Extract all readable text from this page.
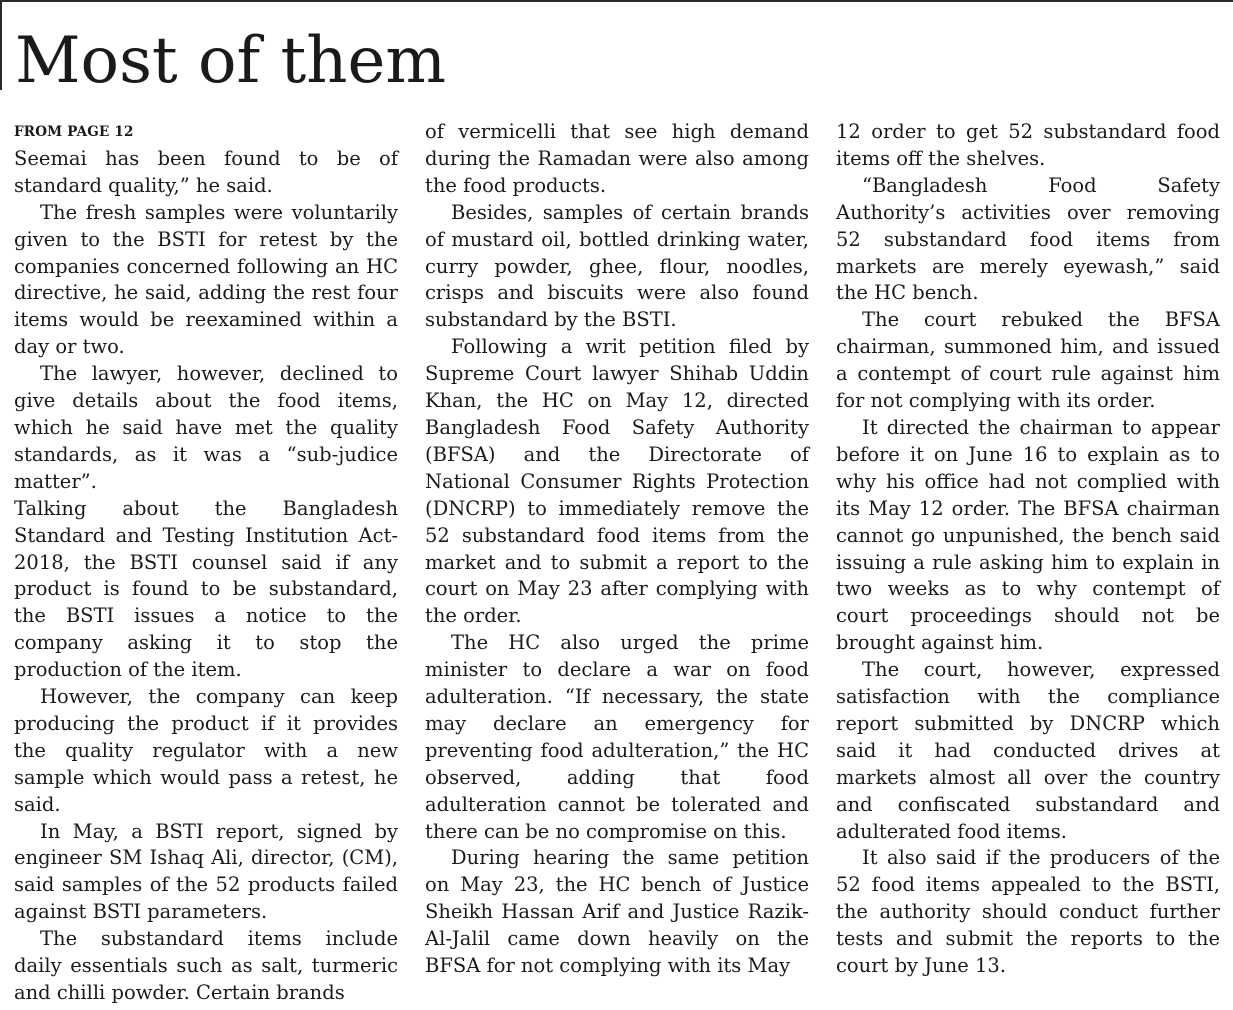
Most of them
FROM PAGE 12

Seemai has been found to be of standard quality,” he said.

The fresh samples were voluntarily given to the BSTI for retest by the companies concerned following an HC directive, he said, adding the rest four items would be reexamined within a day or two.

The lawyer, however, declined to give details about the food items, which he said have met the quality standards, as it was a “sub-judice matter”.

Talking about the Bangladesh Standard and Testing Institution Act-2018, the BSTI counsel said if any product is found to be substandard, the BSTI issues a notice to the company asking it to stop the production of the item.

However, the company can keep producing the product if it provides the quality regulator with a new sample which would pass a retest, he said.

In May, a BSTI report, signed by engineer SM Ishaq Ali, director, (CM), said samples of the 52 products failed against BSTI parameters.

The substandard items include daily essentials such as salt, turmeric and chilli powder. Certain brands

of vermicelli that see high demand during the Ramadan were also among the food products.

Besides, samples of certain brands of mustard oil, bottled drinking water, curry powder, ghee, flour, noodles, crisps and biscuits were also found substandard by the BSTI.

Following a writ petition filed by Supreme Court lawyer Shihab Uddin Khan, the HC on May 12, directed Bangladesh Food Safety Authority (BFSA) and the Directorate of National Consumer Rights Protection (DNCRP) to immediately remove the 52 substandard food items from the market and to submit a report to the court on May 23 after complying with the order.

The HC also urged the prime minister to declare a war on food adulteration. “If necessary, the state may declare an emergency for preventing food adulteration,” the HC observed, adding that food adulteration cannot be tolerated and there can be no compromise on this.

During hearing the same petition on May 23, the HC bench of Justice Sheikh Hassan Arif and Justice Razik-Al-Jalil came down heavily on the BFSA for not complying with its May

12 order to get 52 substandard food items off the shelves.

“Bangladesh Food Safety Authority’s activities over removing 52 substandard food items from markets are merely eyewash,” said the HC bench.

The court rebuked the BFSA chairman, summoned him, and issued a contempt of court rule against him for not complying with its order.

It directed the chairman to appear before it on June 16 to explain as to why his office had not complied with its May 12 order. The BFSA chairman cannot go unpunished, the bench said issuing a rule asking him to explain in two weeks as to why contempt of court proceedings should not be brought against him.

The court, however, expressed satisfaction with the compliance report submitted by DNCRP which said it had conducted drives at markets almost all over the country and confiscated substandard and adulterated food items.

It also said if the producers of the 52 food items appealed to the BSTI, the authority should conduct further tests and submit the reports to the court by June 13.
